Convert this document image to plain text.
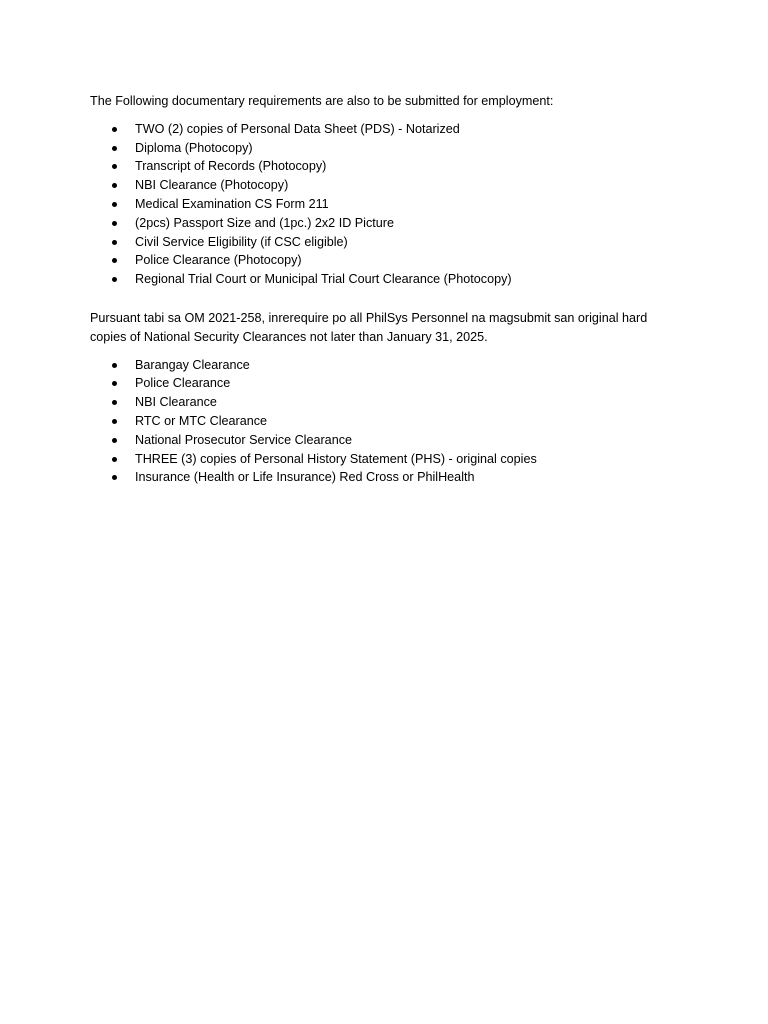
The Following documentary requirements are also to be submitted for employment:

TWO (2) copies of Personal Data Sheet (PDS) - Notarized
Diploma (Photocopy)
Transcript of Records (Photocopy)
NBI Clearance (Photocopy)
Medical Examination CS Form 211
(2pcs) Passport Size and (1pc.) 2x2 ID Picture
Civil Service Eligibility (if CSC eligible)
Police Clearance (Photocopy)
Regional Trial Court or Municipal Trial Court Clearance (Photocopy)

Pursuant tabi sa OM 2021-258, inrerequire po all PhilSys Personnel na magsubmit san original hard
copies of National Security Clearances not later than January 31, 2025.

Barangay Clearance
Police Clearance
NBI Clearance
RTC or MTC Clearance
National Prosecutor Service Clearance
THREE (3) copies of Personal History Statement (PHS) - original copies
Insurance (Health or Life Insurance) Red Cross or PhilHealth
